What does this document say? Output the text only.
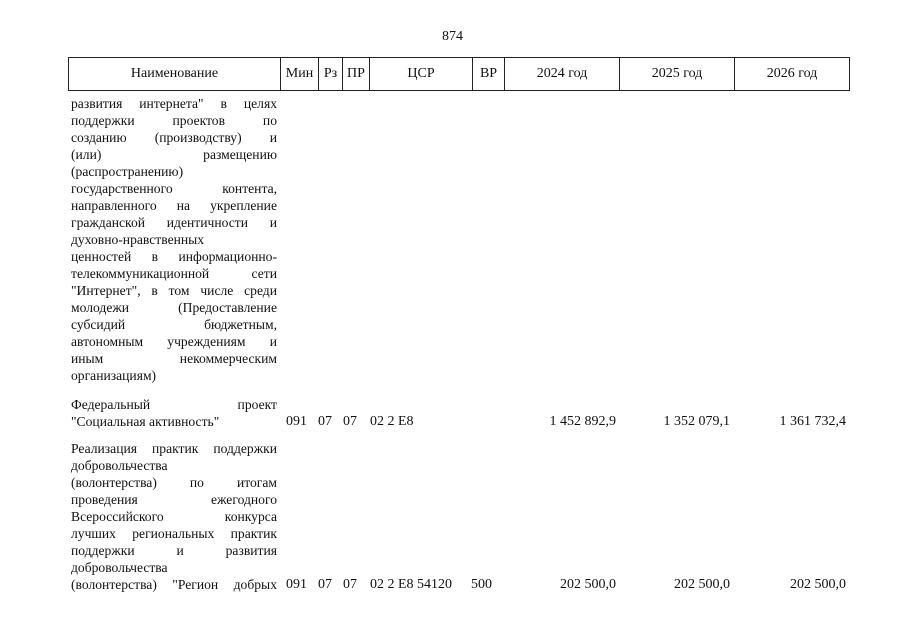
874
Наименование	Мин Рз ПР	ЦСР	ВР	2024 год	2025 год	2026 год
развития интернета" в целях
поддержки проектов по
созданию (производству) и
(или) размещению
(распространению)
государственного контента,
направленного на укрепление
гражданской идентичности и
духовно-нравственных
ценностей в информационно-
телекоммуникационной сети
"Интернет", в том числе среди
молодежи (Предоставление
субсидий бюджетным,
автономным учреждениям и
иным некоммерческим
организациям)
Федеральный проект
"Социальная активность"	091 07 07 02 2 Е8	1 452 892,9	1 352 079,1	1 361 732,4
Реализация практик поддержки
добровольчества
(волонтерства) по итогам
проведения ежегодного
Всероссийского конкурса
лучших региональных практик
поддержки и развития
добровольчества
(волонтерства) "Регион добрых 091 07 07 02 2 Е8 54120 500	202 500,0	202 500,0	202 500,0
